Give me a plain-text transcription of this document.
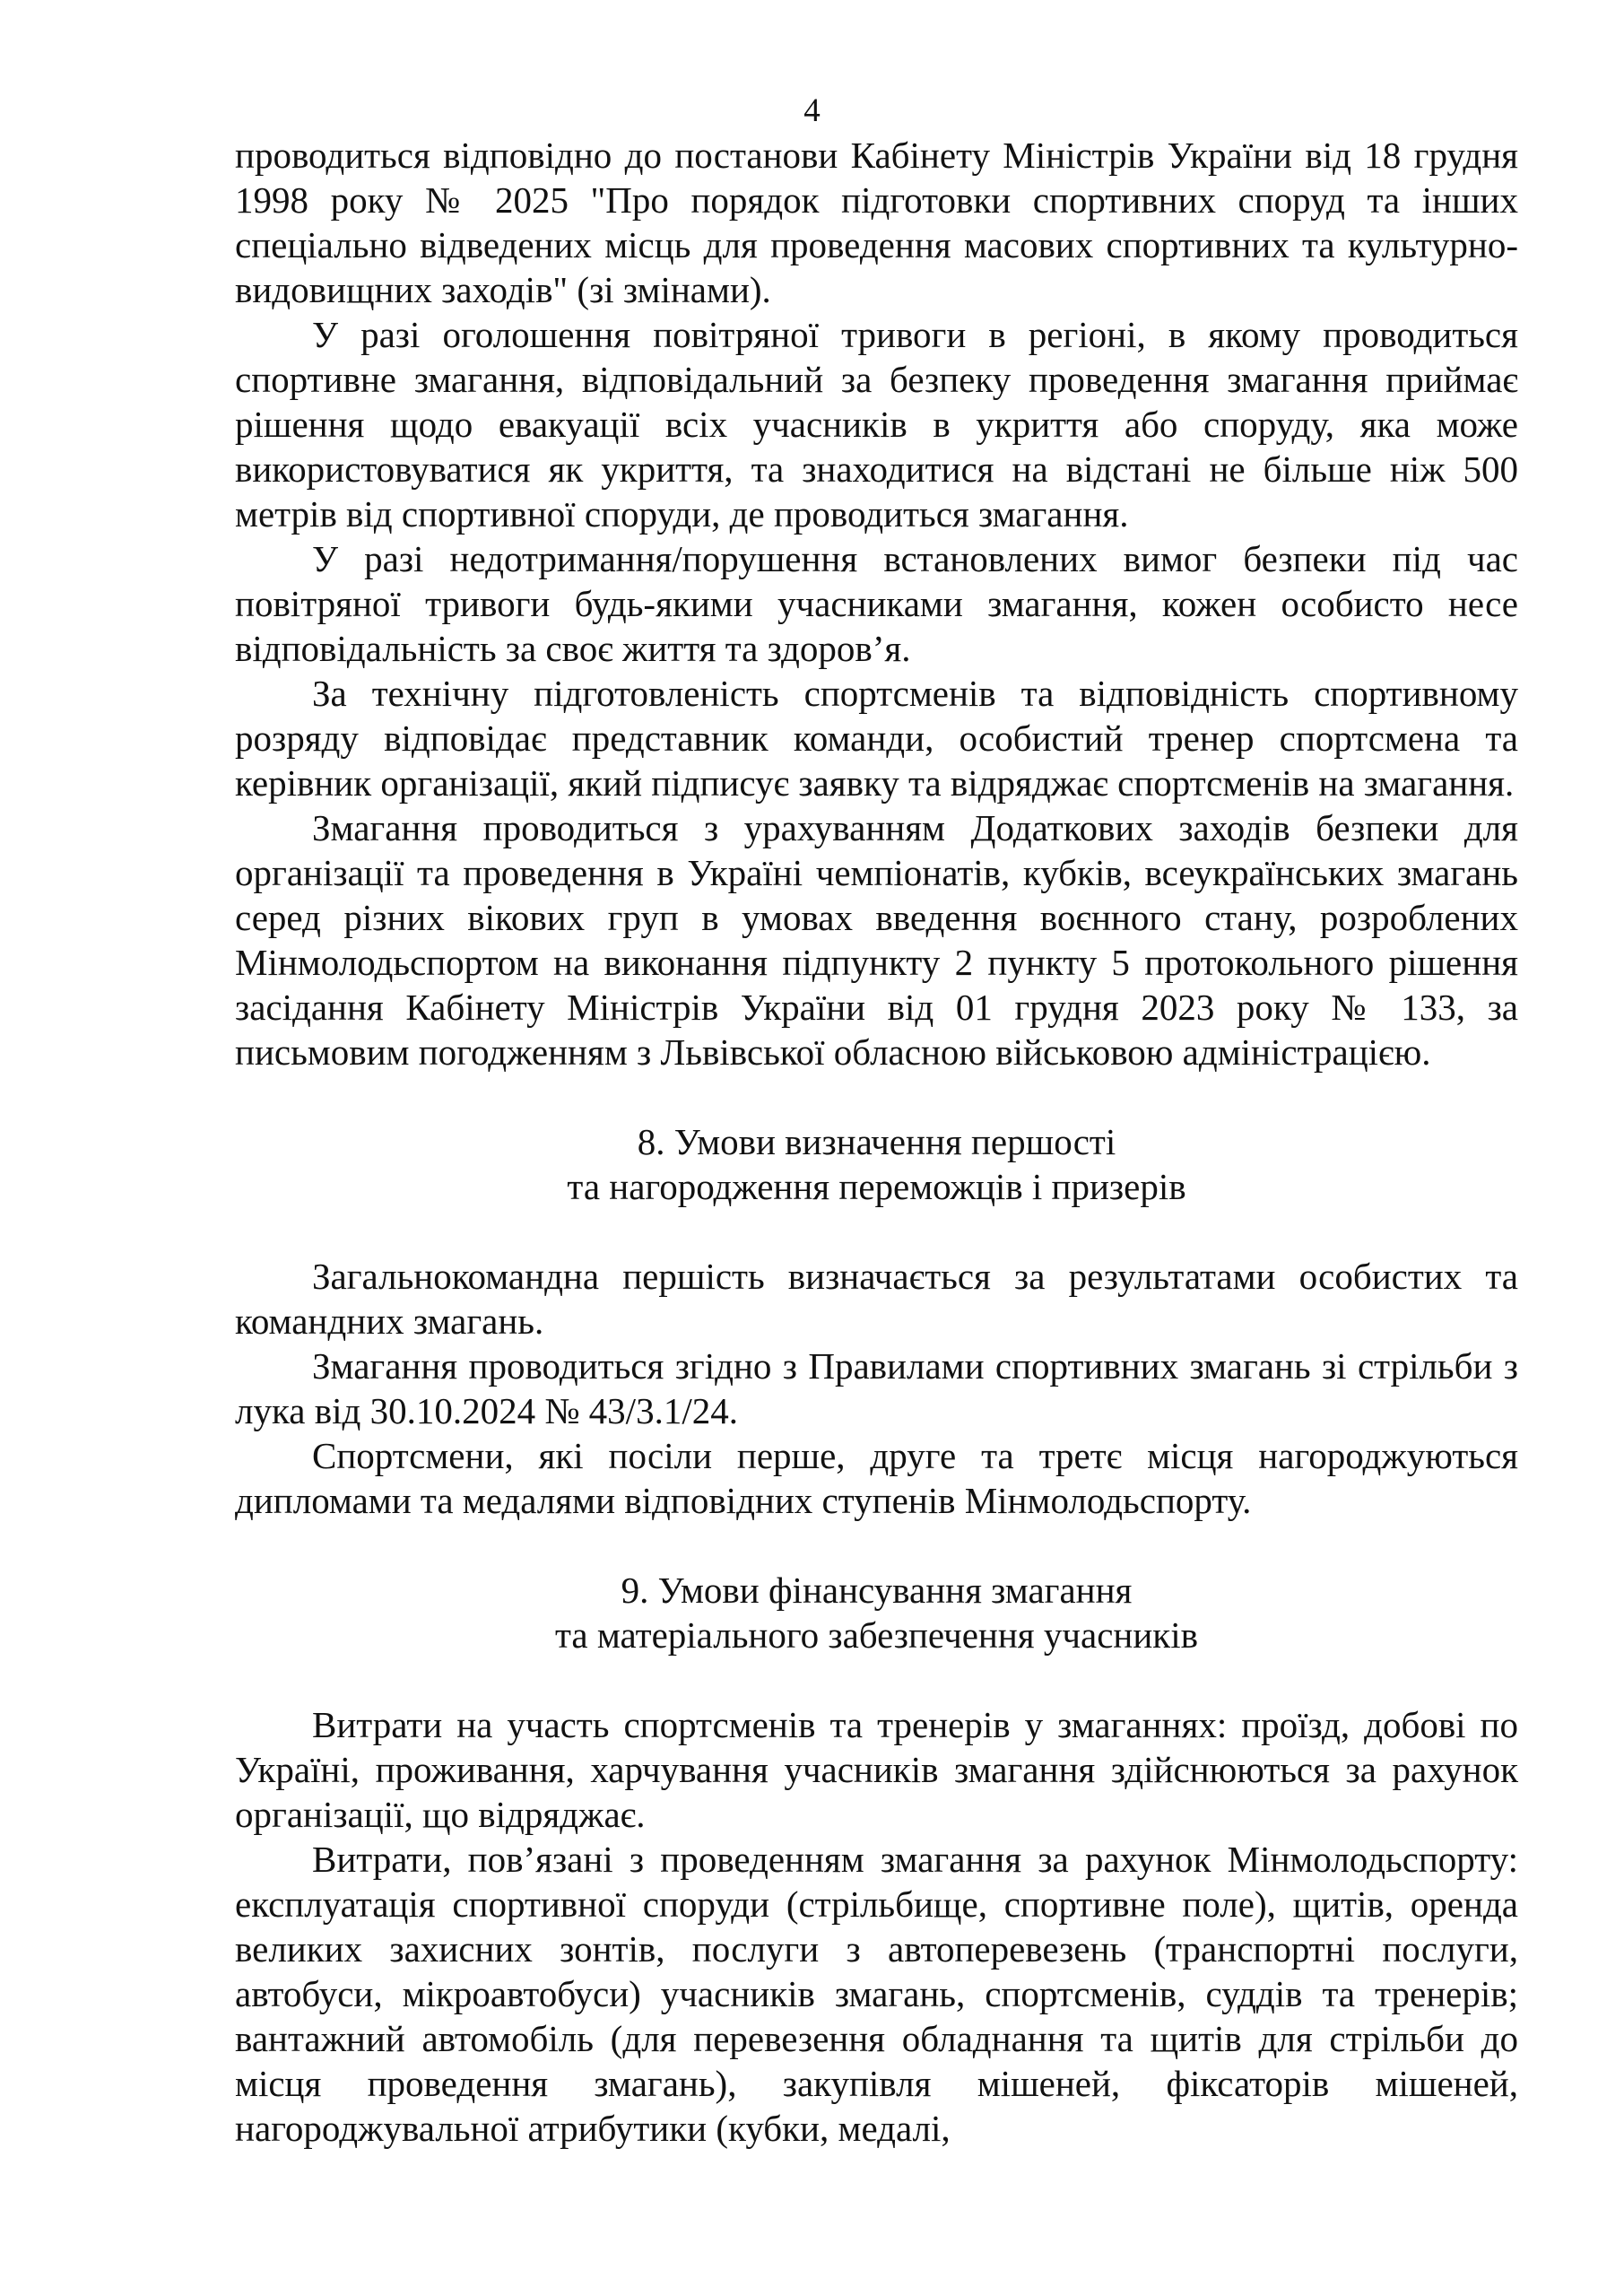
4

проводиться відповідно до постанови Кабінету Міністрів України від 18 грудня 1998 року № 2025 "Про порядок підготовки спортивних споруд та інших спеціально відведених місць для проведення масових спортивних та культурно-видовищних заходів" (зі змінами).

У разі оголошення повітряної тривоги в регіоні, в якому проводиться спортивне змагання, відповідальний за безпеку проведення змагання приймає рішення щодо евакуації всіх учасників в укриття або споруду, яка може використовуватися як укриття, та знаходитися на відстані не більше ніж 500 метрів від спортивної споруди, де проводиться змагання.

У разі недотримання/порушення встановлених вимог безпеки під час повітряної тривоги будь-якими учасниками змагання, кожен особисто несе відповідальність за своє життя та здоров’я.

За технічну підготовленість спортсменів та відповідність спортивному розряду відповідає представник команди, особистий тренер спортсмена та керівник організації, який підписує заявку та відряджає спортсменів на змагання.

Змагання проводиться з урахуванням Додаткових заходів безпеки для організації та проведення в Україні чемпіонатів, кубків, всеукраїнських змагань серед різних вікових груп в умовах введення воєнного стану, розроблених Мінмолодьспортом на виконання підпункту 2 пункту 5 протокольного рішення засідання Кабінету Міністрів України від 01 грудня 2023 року № 133, за письмовим погодженням з Львівської обласною військовою адміністрацією.

8. Умови визначення першості
та нагородження переможців і призерів

Загальнокомандна першість визначається за результатами особистих та командних змагань.

Змагання проводиться згідно з Правилами спортивних змагань зі стрільби з лука від 30.10.2024 № 43/3.1/24.

Спортсмени, які посіли перше, друге та третє місця нагороджуються дипломами та медалями відповідних ступенів Мінмолодьспорту.

9. Умови фінансування змагання
та матеріального забезпечення учасників

Витрати на участь спортсменів та тренерів у змаганнях: проїзд, добові по Україні, проживання, харчування учасників змагання здійснюються за рахунок організації, що відряджає.

Витрати, пов’язані з проведенням змагання за рахунок Мінмолодьспорту: експлуатація спортивної споруди (стрільбище, спортивне поле), щитів, оренда великих захисних зонтів, послуги з автоперевезень (транспортні послуги, автобуси, мікроавтобуси) учасників змагань, спортсменів, суддів та тренерів; вантажний автомобіль (для перевезення обладнання та щитів для стрільби до місця проведення змагань), закупівля мішеней, фіксаторів мішеней, нагороджувальної атрибутики (кубки, медалі,
